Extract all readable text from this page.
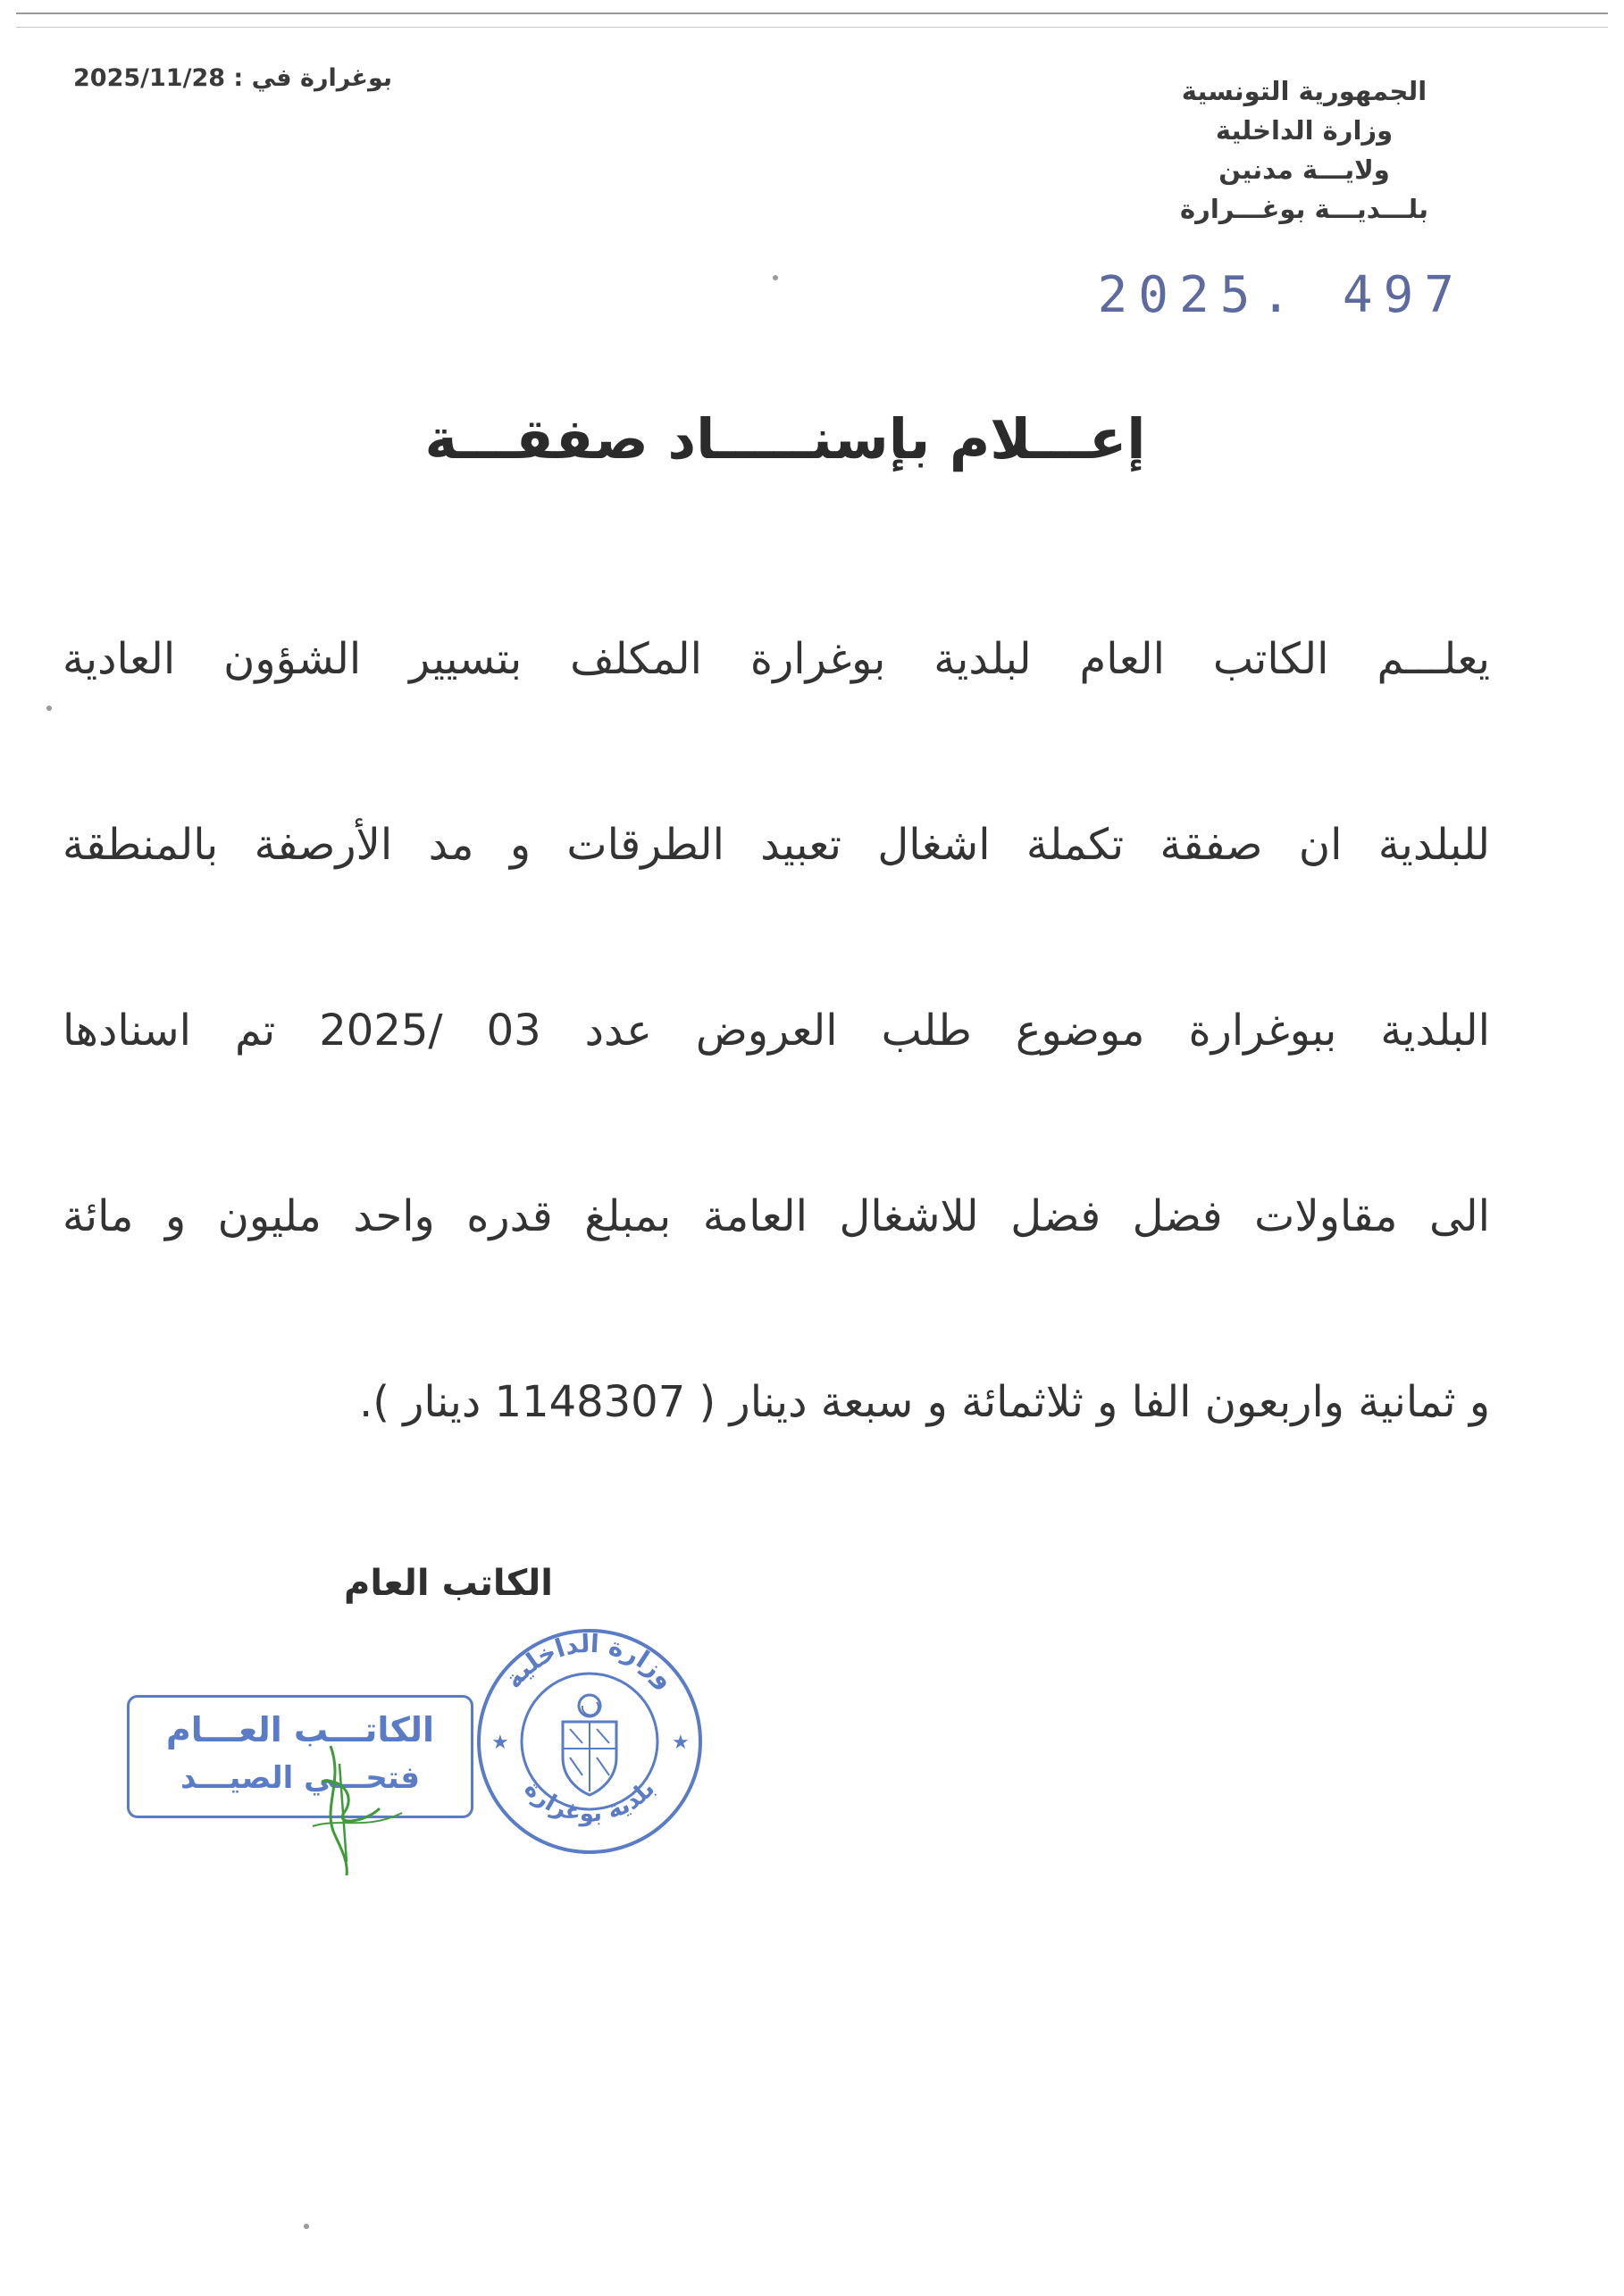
بوغرارة في : 2025/11/28	الجمهورية التونسية
وزارة الداخلية
ولايـــة مدنين
بلـــديـــة بوغـــرارة
2025. 497
إعـــلام بإسنـــــاد صفقـــة
يعلـــم الكاتب العام لبلدية بوغرارة المكلف بتسيير الشؤون العادية
للبلدية ان صفقة تكملة اشغال تعبيد الطرقات و مد الأرصفة بالمنطقة
البلدية ببوغرارة موضوع طلب العروض عدد 03 /2025 تم اسنادها
الى مقاولات فضل فضل للاشغال العامة بمبلغ قدره واحد مليون و مائة
و ثمانية واربعون الفا و ثلاثمائة و سبعة دينار ( 1148307 دينار ).
الكاتب العام
الكاتـــب العـــام
فتحـــي الصيـــد
وزارة الداخلية
بلدية بوغرارة
★	★
